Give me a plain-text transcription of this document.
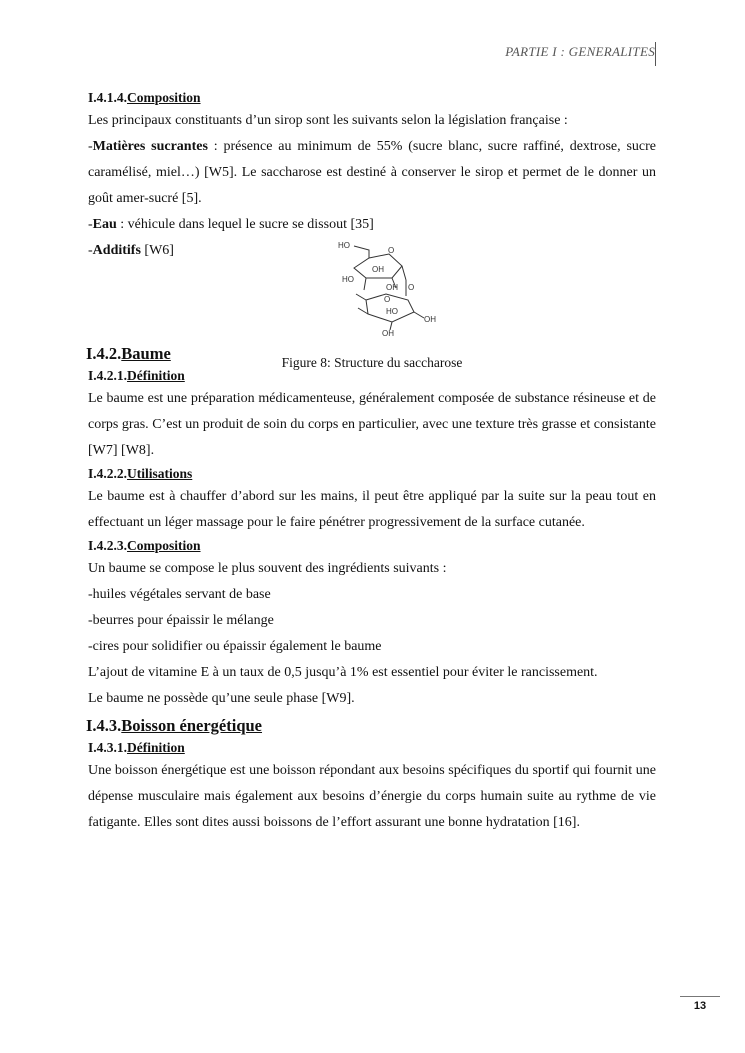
PARTIE I : GENERALITES

I.4.1.4.Composition

Les principaux constituants d’un sirop sont les suivants selon la législation française :

-Matières sucrantes : présence au minimum de 55% (sucre blanc, sucre raffiné, dextrose, sucre caramélisé, miel…) [W5]. Le saccharose est destiné à conserver le sirop et permet de le donner un goût amer-sucré [5].

-Eau : véhicule dans lequel le sucre se dissout [35]

-Additifs [W6]	HO
O
OH
HO
OH O
O
HO
OH
OH

I.4.2.Baume

I.4.2.1.Définition

Le baume est une préparation médicamenteuse, généralement composée de substance résineuse et de corps gras. C’est un produit de soin du corps en particulier, avec une texture très grasse et consistante [W7] [W8].

I.4.2.2.Utilisations

Le baume est à chauffer d’abord sur les mains, il peut être appliqué par la suite sur la peau tout en effectuant un léger massage pour le faire pénétrer progressivement de la surface cutanée.

I.4.2.3.Composition

Un baume se compose le plus souvent des ingrédients suivants :

-huiles végétales servant de base

-beurres pour épaissir le mélange

-cires pour solidifier ou épaissir également le baume

L’ajout de vitamine E à un taux de 0,5 jusqu’à 1% est essentiel pour éviter le rancissement.

Le baume ne possède qu’une seule phase [W9].

I.4.3.Boisson énergétique

I.4.3.1.Définition

Une boisson énergétique est une boisson répondant aux besoins spécifiques du sportif qui fournit une dépense musculaire mais également aux besoins d’énergie du corps humain suite au rythme de vie fatigante. Elles sont dites aussi boissons de l’effort assurant une bonne hydratation [16].

Figure 8: Structure du saccharose
13
